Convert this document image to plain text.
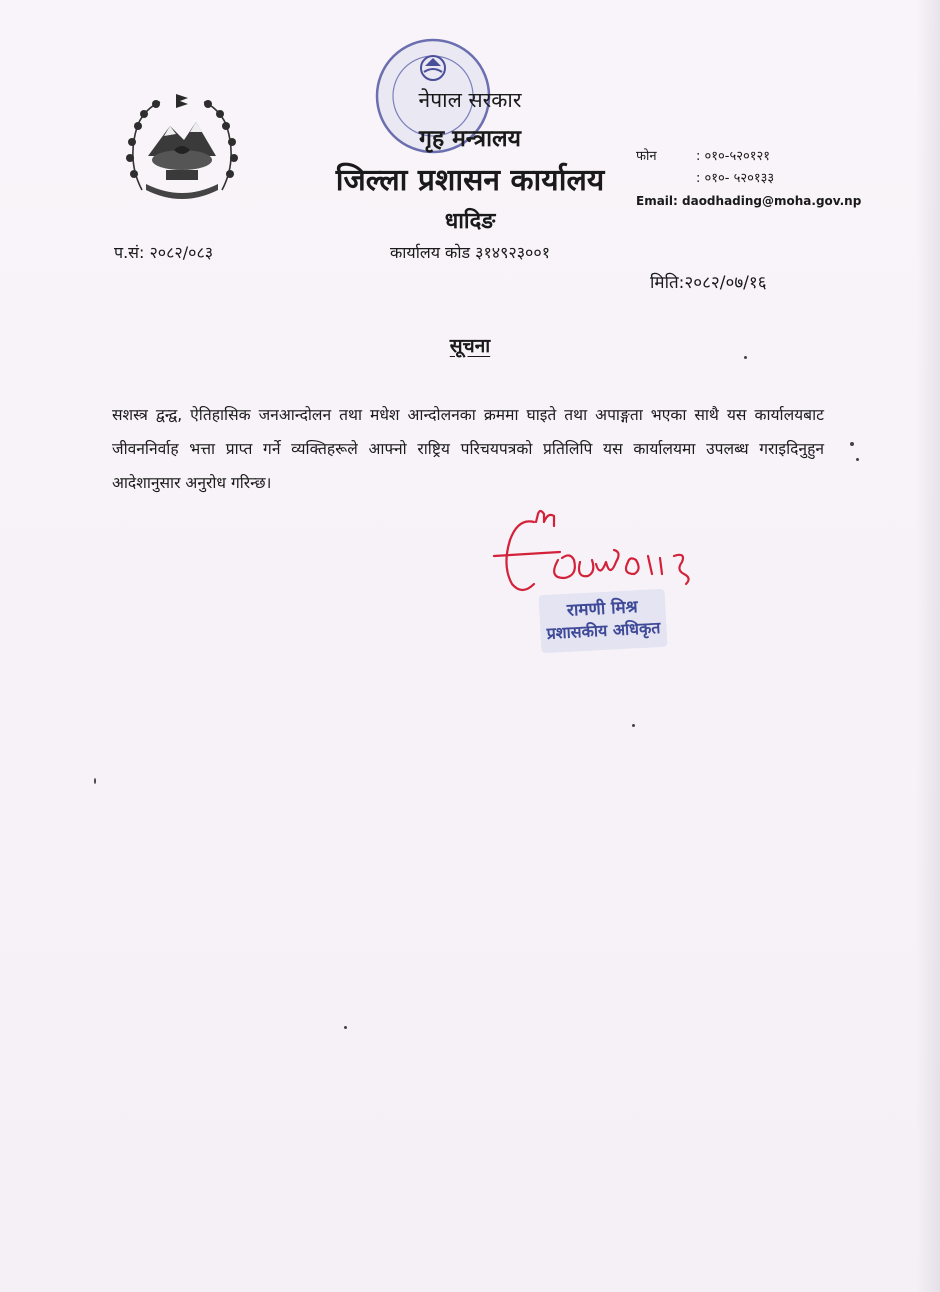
नेपाल सरकार
गृह मन्त्रालय
जिल्ला प्रशासन कार्यालय
धादिङ
कार्यालय कोड ३१४९२३००१
प.सं: २०८२/०८३
फोन	: ०१०-५२०१२१
: ०१०- ५२०१३३
Email: daodhading@moha.gov.np
मिति:२०८२/०७/१६
सूचना
सशस्त्र द्वन्द्व, ऐतिहासिक जनआन्दोलन तथा मधेश आन्दोलनका क्रममा घाइते तथा अपाङ्गता भएका साथै यस कार्यालयबाट जीवननिर्वाह भत्ता प्राप्त गर्ने व्यक्तिहरूले आफ्नो राष्ट्रिय परिचयपत्रको प्रतिलिपि यस कार्यालयमा उपलब्ध गराइदिनुहुन आदेशानुसार अनुरोध गरिन्छ।
रामणी मिश्र
प्रशासकीय अधिकृत
